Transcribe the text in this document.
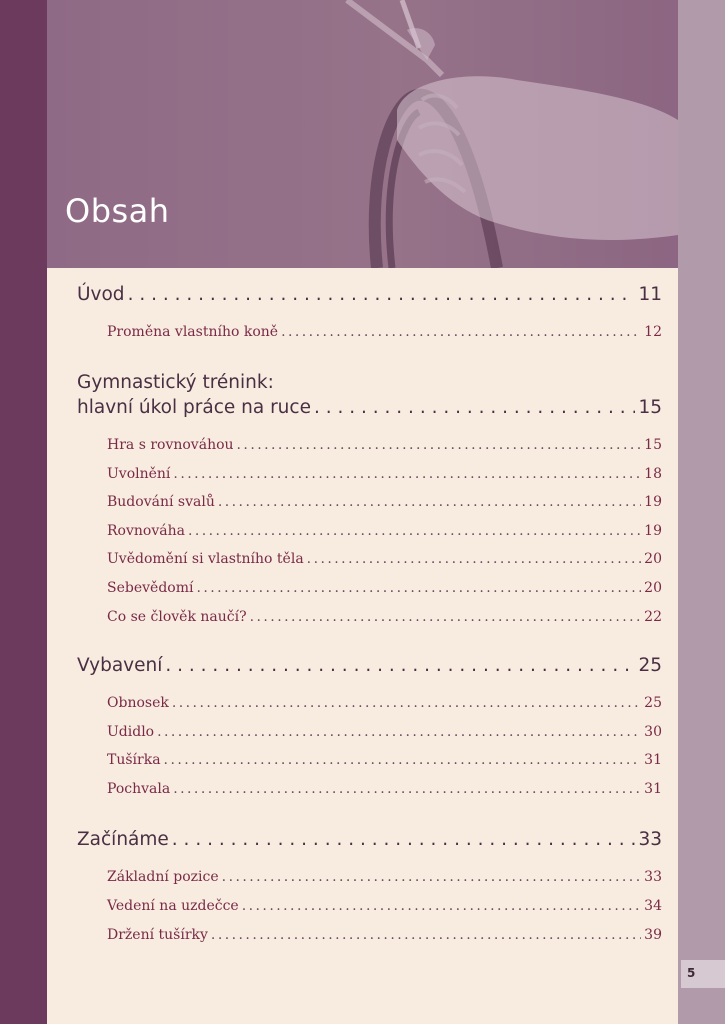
Obsah
Úvod . . .	11
Proměna vlastního koně . . .	12
Gymnastický trénink:
hlavní úkol práce na ruce . . .	15
Hra s rovnováhou . . .	15
Uvolnění . . .	18
Budování svalů . . .	19
Rovnováha . . .	19
Uvědomění si vlastního těla . . .	20
Sebevědomí . . .	20
Co se člověk naučí? . . .	22
Vybavení . . .	25
Obnosek . . .	25
Udidlo . . .	30
Tušírka . . .	31
Pochvala . . .	31
Začínáme . . .	33
Základní pozice . . .	33
Vedení na uzdečce . . .	34
Držení tušírky . . .	39
5
